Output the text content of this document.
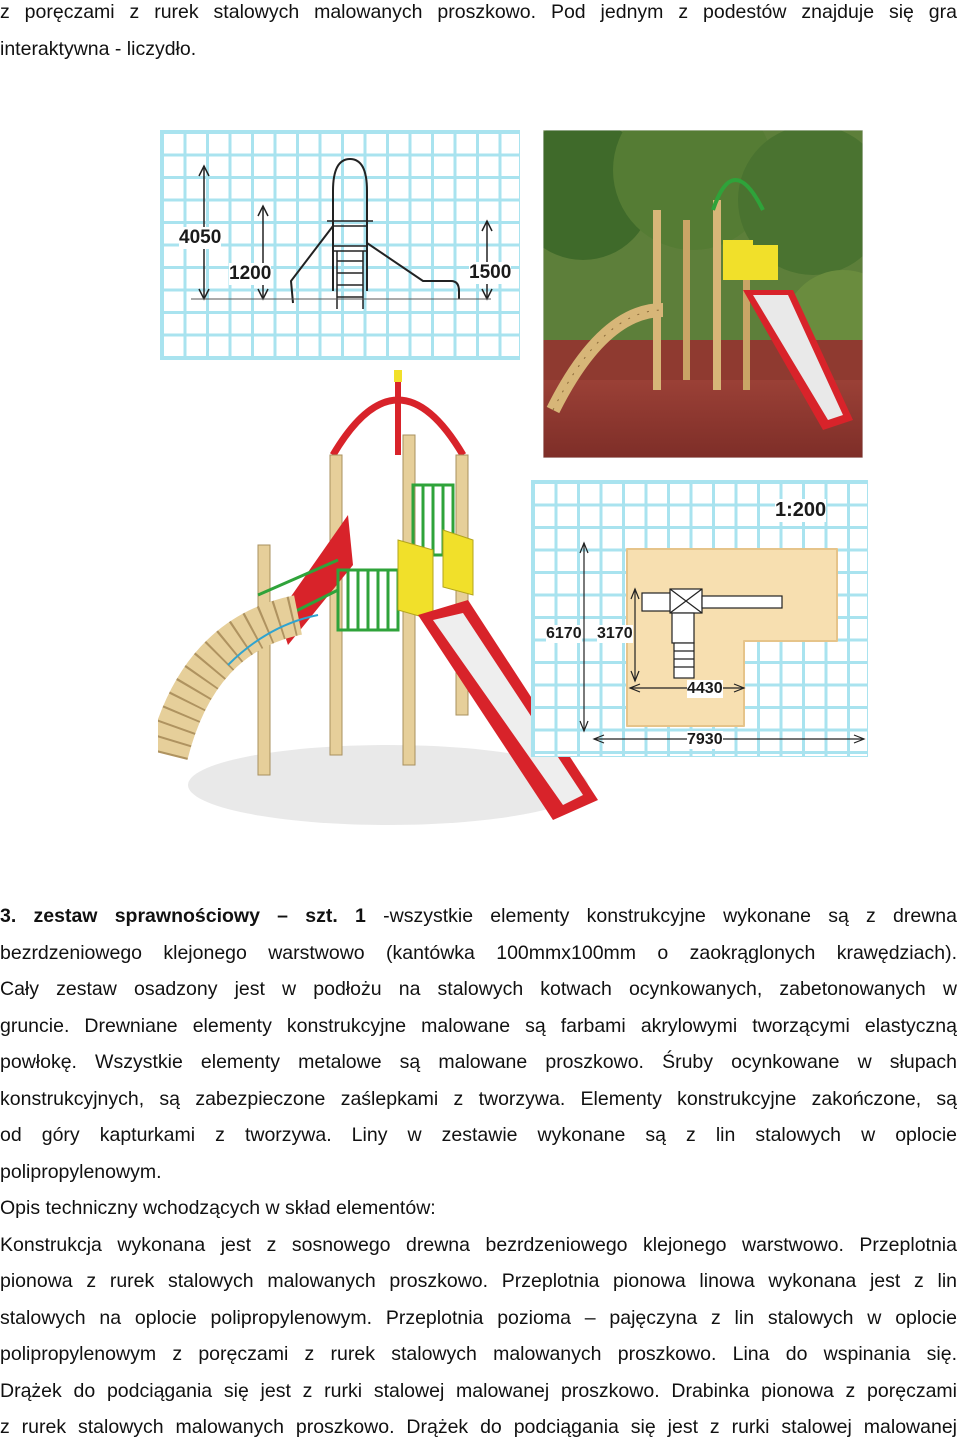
z poręczami z rurek stalowych malowanych proszkowo. Pod jednym z podestów znajduje się gra
interaktywna - liczydło.
4050
1200	1500
1:200
6170 3170
4430
7930
3. zestaw sprawnościowy – szt. 1 -wszystkie elementy konstrukcyjne wykonane są z drewna
bezrdzeniowego klejonego warstwowo (kantówka 100mmx100mm o zaokrąglonych krawędziach).
Cały zestaw osadzony jest w podłożu na stalowych kotwach ocynkowanych, zabetonowanych w
gruncie. Drewniane elementy konstrukcyjne malowane są farbami akrylowymi tworzącymi elastyczną
powłokę. Wszystkie elementy metalowe są malowane proszkowo. Śruby ocynkowane w słupach
konstrukcyjnych, są zabezpieczone zaślepkami z tworzywa. Elementy konstrukcyjne zakończone, są
od góry kapturkami z tworzywa. Liny w zestawie wykonane są z lin stalowych w oplocie
polipropylenowym.
Opis techniczny wchodzących w skład elementów:
Konstrukcja wykonana jest z sosnowego drewna bezrdzeniowego klejonego warstwowo. Przeplotnia
pionowa z rurek stalowych malowanych proszkowo. Przeplotnia pionowa linowa wykonana jest z lin
stalowych na oplocie polipropylenowym. Przeplotnia pozioma – pajęczyna z lin stalowych w oplocie
polipropylenowym z poręczami z rurek stalowych malowanych proszkowo. Lina do wspinania się.
Drążek do podciągania się jest z rurki stalowej malowanej proszkowo. Drabinka pionowa z poręczami
z rurek stalowych malowanych proszkowo. Drążek do podciągania się jest z rurki stalowej malowanej
